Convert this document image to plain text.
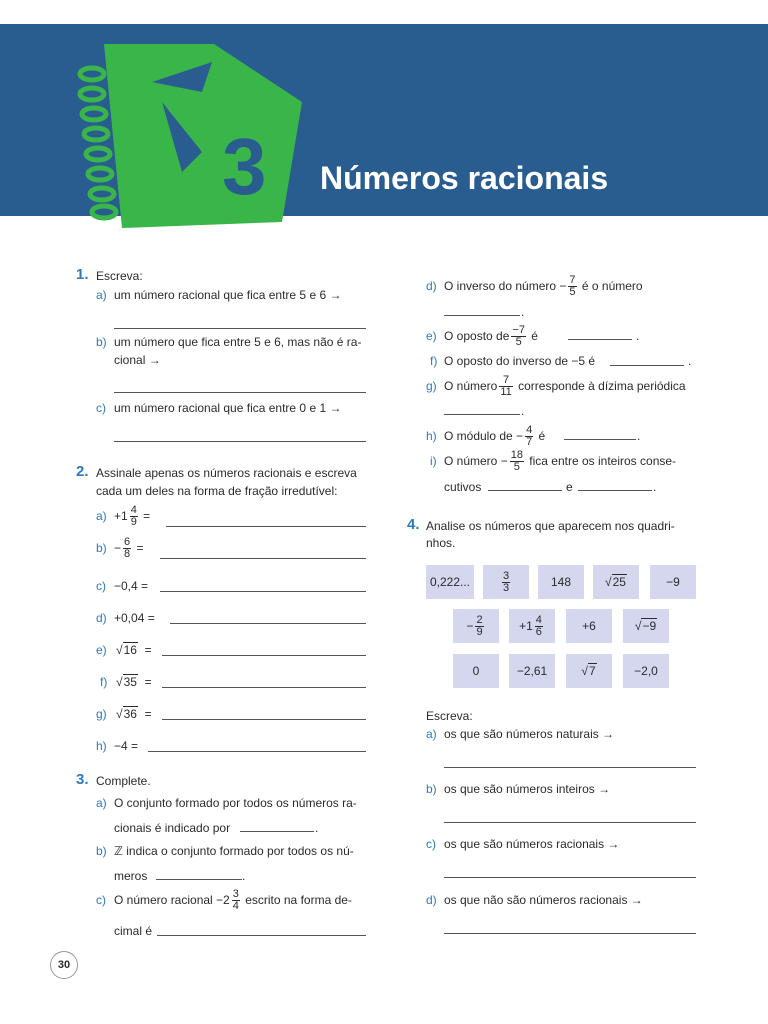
3 Números racionais
1. Escreva:
a) um número racional que fica entre 5 e 6 →
b) um número que fica entre 5 e 6, mas não é ra-
cional →
c) um número racional que fica entre 0 e 1 →
2. Assinale apenas os números racionais e escreva
cada um deles na forma de fração irredutível:
$a) +1 \frac{4}{9}$ =
$b) - \frac{6}{8}$ =
c) −0,4 =
d) +0,04 =
e) √16 =
f) √35 =
g) √36 =
h) −4 =
3. Complete.
a) O conjunto formado por todos os números ra-
cionais é indicado por	.
b) ℤ indica o conjunto formado por todos os nú-
meros	.
c) O número racional $-2 \frac{3}{4}$ escrito na forma de-
cimal é
30
d) O inverso do número − $\frac{7}{5}$ é o número
.
e) O oposto de $\frac{-7}{5}$ é	.
f) O oposto do inverso de −5 é	.
g) O número $\frac{7}{11}$ corresponde à dízima periódica
.
h) O módulo de − $\frac{4}{7}$ é	.
i) O número − $\frac{18}{5}$ fica entre os inteiros conse-
cutivos	e	.
4. Analise os números que aparecem nos quadri-
nhos.
0,222...	$\frac{3}{3}$	148	√ 25	−9
− $\frac{2}{9}$	$+1 \frac{4}{6}$	+6	√ −9
0	−2,61	√ 7	−2,0
Escreva:
a) os que são números naturais →
b) os que são números inteiros →
c) os que são números racionais →
d) os que não são números racionais →
